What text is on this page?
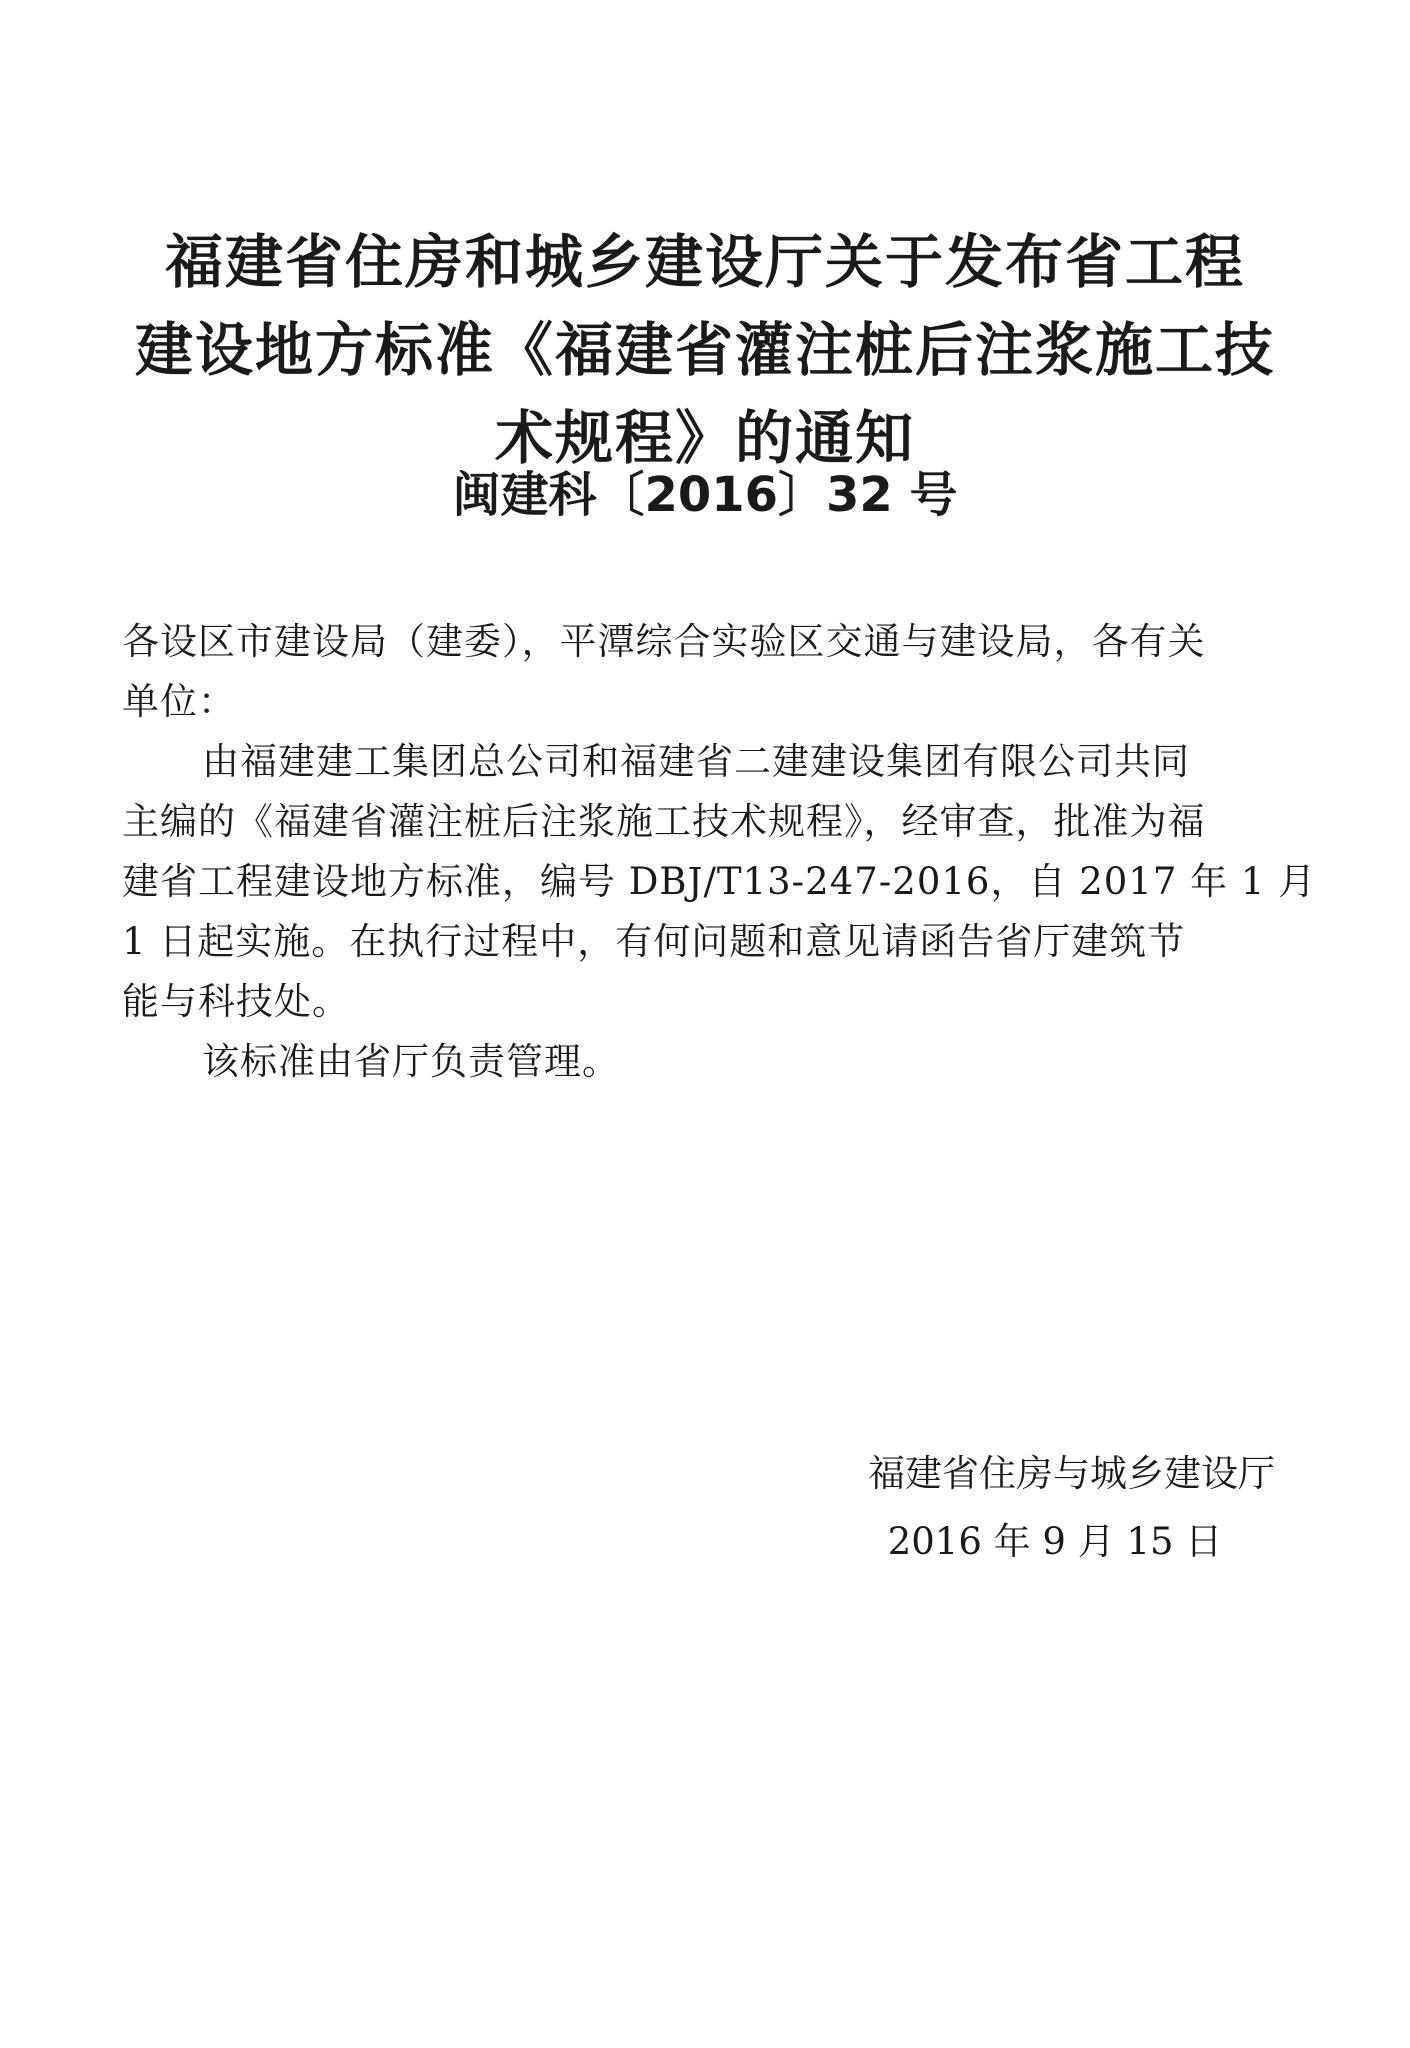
福建省住房和城乡建设厅关于发布省工程
建设地方标准《福建省灌注桩后注浆施工技
术规程》的通知
闽建科〔2016〕32 号
各设区市建设局（建委），平潭综合实验区交通与建设局，各有关
单位：
由福建建工集团总公司和福建省二建建设集团有限公司共同
主编的《福建省灌注桩后注浆施工技术规程》，经审查，批准为福
建省工程建设地方标准，编号 DBJ/T13-247-2016，自 2017 年 1 月
1 日起实施。在执行过程中，有何问题和意见请函告省厅建筑节
能与科技处。
该标准由省厅负责管理。
福建省住房与城乡建设厅
2016 年 9 月 15 日
